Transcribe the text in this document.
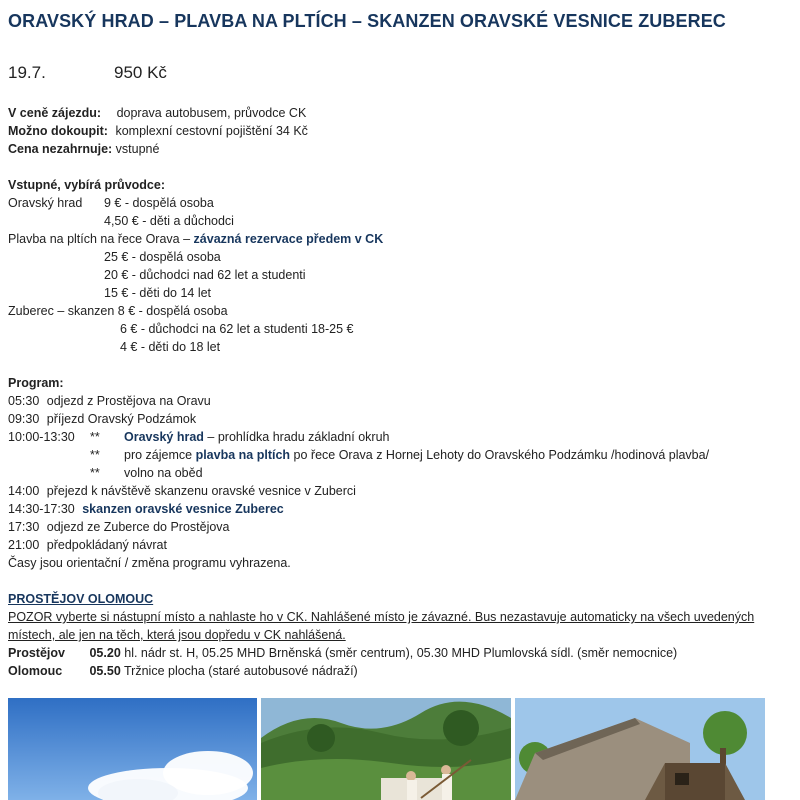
ORAVSKÝ HRAD – PLAVBA NA PLTÍCH – SKANZEN ORAVSKÉ VESNICE ZUBEREC
19.7.	950 Kč
V ceně zájezdu: doprava autobusem, průvodce CK
Možno dokoupit: komplexní cestovní pojištění 34 Kč
Cena nezahrnuje: vstupné
Vstupné, vybírá průvodce:
Oravský hrad 9 € - dospělá osoba
4,50 € - děti a důchodci
Plavba na pltích na řece Orava – závazná rezervace předem v CK
25 € - dospělá osoba
20 € - důchodci nad 62 let a studenti
15 € - děti do 14 let
Zuberec – skanzen 8 € - dospělá osoba
6 € - důchodci na 62 let a studenti 18-25 €
4 € - děti do 18 let
Program:
05:30 odjezd z Prostějova na Oravu
09:30 příjezd Oravský Podzámok
10:00-13:30 ** Oravský hrad – prohlídka hradu základní okruh
** pro zájemce plavba na pltích po řece Orava z Hornej Lehoty do Oravského Podzámku /hodinová plavba/
** volno na oběd
14:00 přejezd k návštěvě skanzenu oravské vesnice v Zuberci
14:30-17:30 skanzen oravské vesnice Zuberec
17:30 odjezd ze Zuberce do Prostějova
21:00 předpokládaný návrat
Časy jsou orientační / změna programu vyhrazena.
PROSTĚJOV OLOMOUC
POZOR vyberte si nástupní místo a nahlaste ho v CK. Nahlášené místo je závazné. Bus nezastavuje automaticky na všech uvedených
místech, ale jen na těch, která jsou dopředu v CK nahlášená.
Prostějov 05.20 hl. nádr st. H, 05.25 MHD Brněnská (směr centrum), 05.30 MHD Plumlovská sídl. (směr nemocnice)
Olomouc 05.50 Tržnice plocha (staré autobusové nádraží)
